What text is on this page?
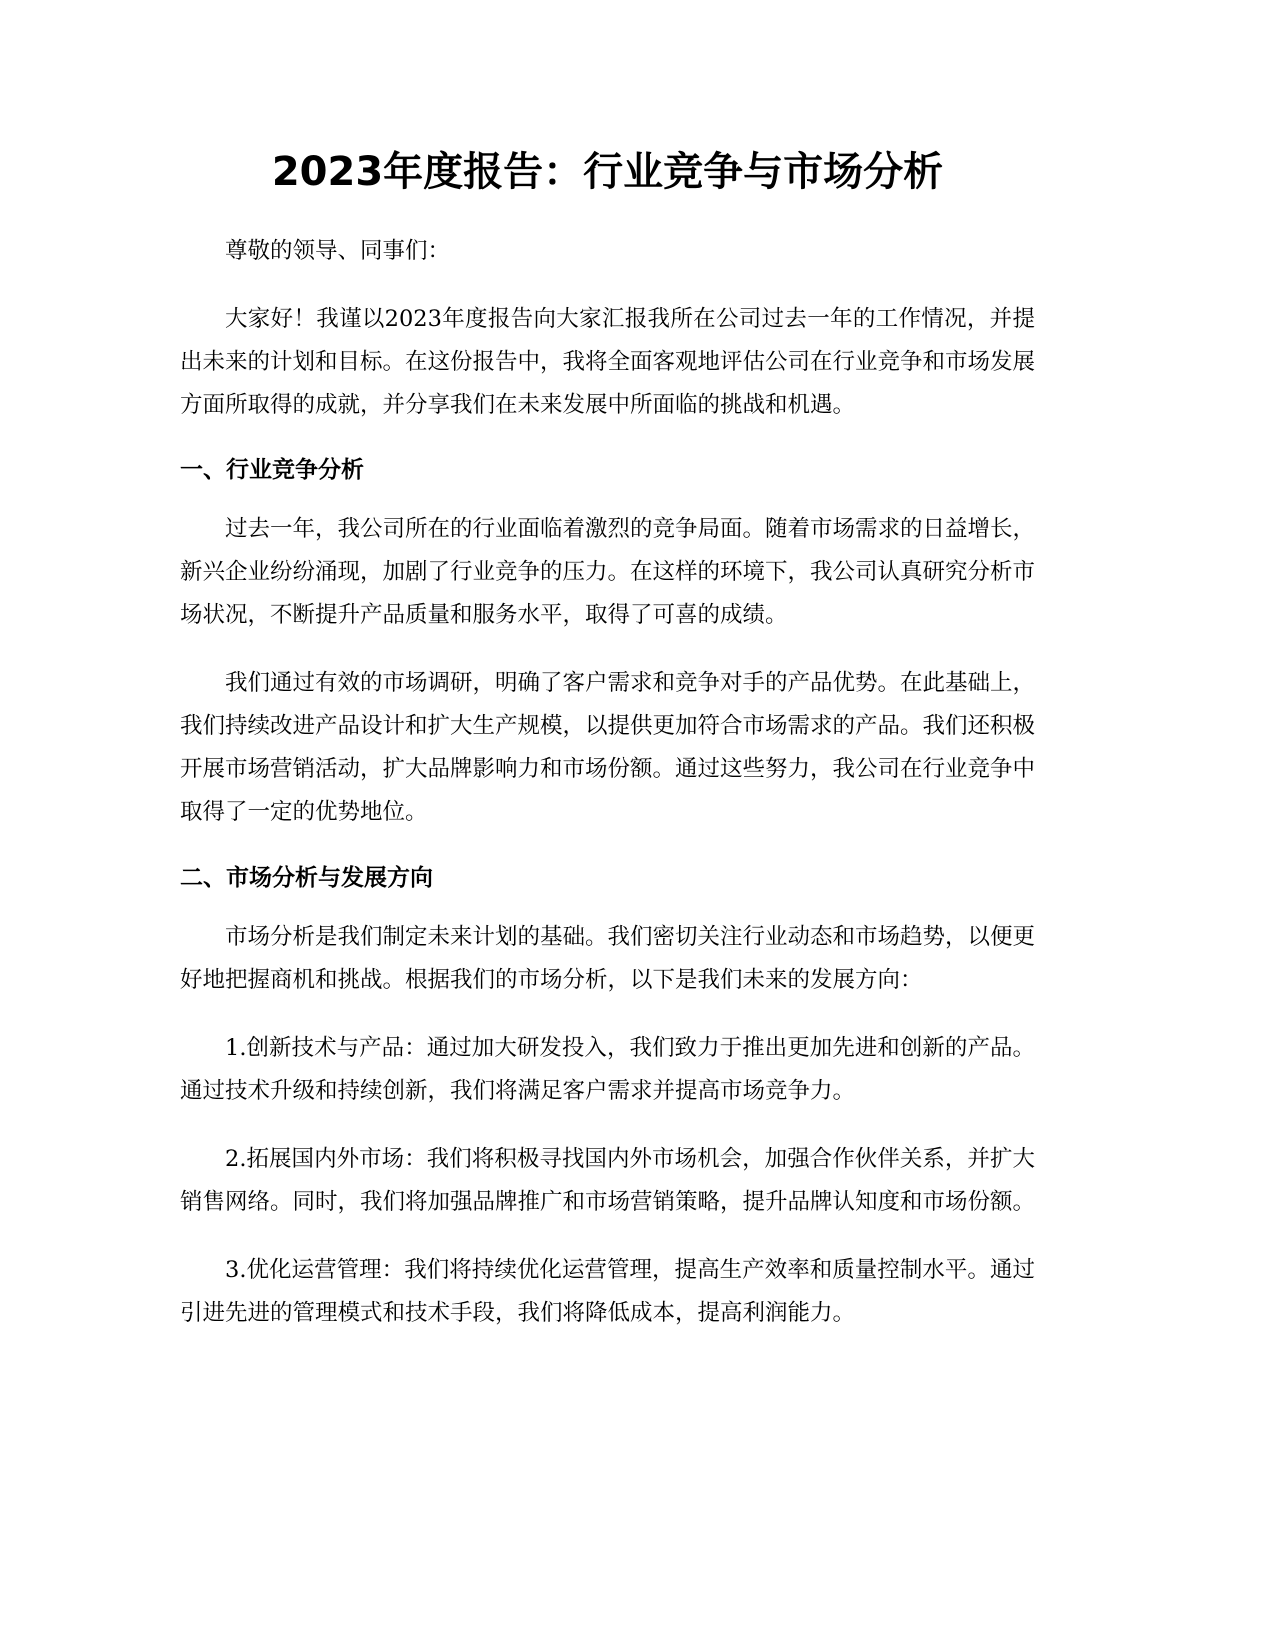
2023年度报告：行业竞争与市场分析

尊敬的领导、同事们：

大家好！我谨以2023年度报告向大家汇报我所在公司过去一年的工作情况，并提出未来的计划和目标。在这份报告中，我将全面客观地评估公司在行业竞争和市场发展方面所取得的成就，并分享我们在未来发展中所面临的挑战和机遇。

一、行业竞争分析

过去一年，我公司所在的行业面临着激烈的竞争局面。随着市场需求的日益增长，新兴企业纷纷涌现，加剧了行业竞争的压力。在这样的环境下，我公司认真研究分析市场状况，不断提升产品质量和服务水平，取得了可喜的成绩。

我们通过有效的市场调研，明确了客户需求和竞争对手的产品优势。在此基础上，我们持续改进产品设计和扩大生产规模，以提供更加符合市场需求的产品。我们还积极开展市场营销活动，扩大品牌影响力和市场份额。通过这些努力，我公司在行业竞争中取得了一定的优势地位。

二、市场分析与发展方向

市场分析是我们制定未来计划的基础。我们密切关注行业动态和市场趋势，以便更好地把握商机和挑战。根据我们的市场分析，以下是我们未来的发展方向：

1.创新技术与产品：通过加大研发投入，我们致力于推出更加先进和创新的产品。通过技术升级和持续创新，我们将满足客户需求并提高市场竞争力。

2.拓展国内外市场：我们将积极寻找国内外市场机会，加强合作伙伴关系，并扩大销售网络。同时，我们将加强品牌推广和市场营销策略，提升品牌认知度和市场份额。

3.优化运营管理：我们将持续优化运营管理，提高生产效率和质量控制水平。通过引进先进的管理模式和技术手段，我们将降低成本，提高利润能力。
